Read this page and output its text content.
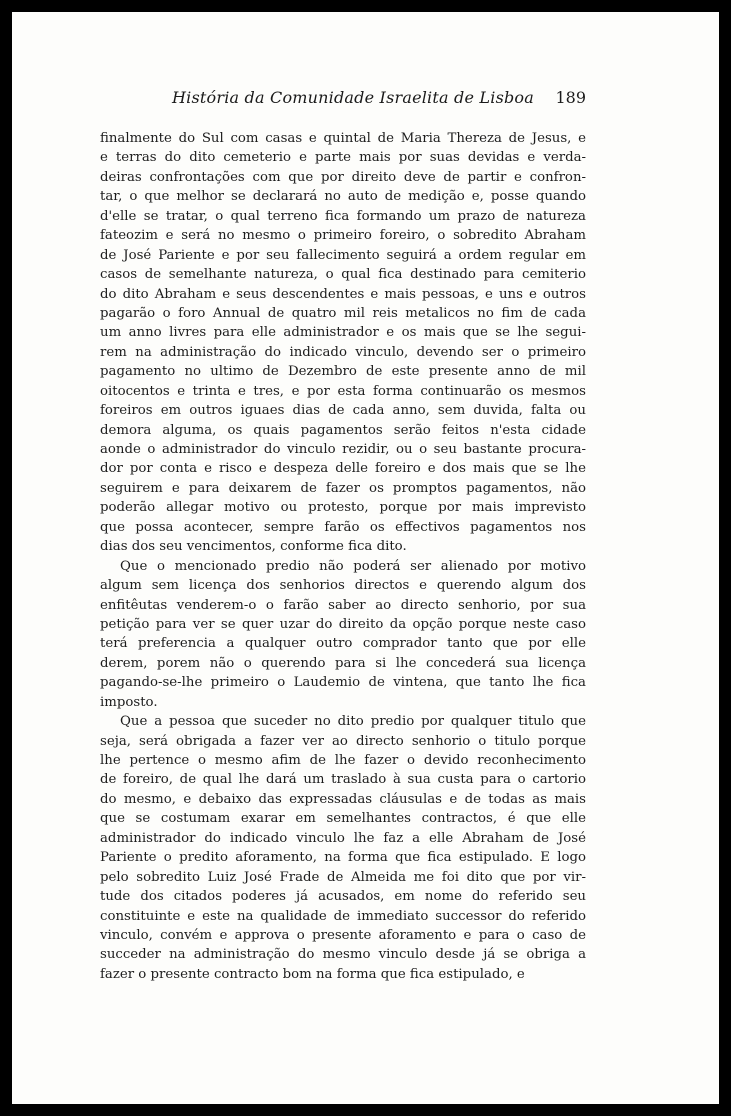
História da Comunidade Israelita de Lisboa 189
finalmente do Sul com casas e quintal de Maria Thereza de Jesus, e
e terras do dito cemeterio e parte mais por suas devidas e verda-
deiras confrontações com que por direito deve de partir e confron-
tar, o que melhor se declarará no auto de medição e, posse quando
d'elle se tratar, o qual terreno fica formando um prazo de natureza
fateozim e será no mesmo o primeiro foreiro, o sobredito Abraham
de José Pariente e por seu fallecimento seguirá a ordem regular em
casos de semelhante natureza, o qual fica destinado para cemiterio
do dito Abraham e seus descendentes e mais pessoas, e uns e outros
pagarão o foro Annual de quatro mil reis metalicos no fim de cada
um anno livres para elle administrador e os mais que se lhe segui-
rem na administração do indicado vinculo, devendo ser o primeiro
pagamento no ultimo de Dezembro de este presente anno de mil
oitocentos e trinta e tres, e por esta forma continuarão os mesmos
foreiros em outros iguaes dias de cada anno, sem duvida, falta ou
demora alguma, os quais pagamentos serão feitos n'esta cidade
aonde o administrador do vinculo rezidir, ou o seu bastante procura-
dor por conta e risco e despeza delle foreiro e dos mais que se lhe
seguirem e para deixarem de fazer os promptos pagamentos, não
poderão allegar motivo ou protesto, porque por mais imprevisto
que possa acontecer, sempre farão os effectivos pagamentos nos
dias dos seu vencimentos, conforme fica dito.
Que o mencionado predio não poderá ser alienado por motivo
algum sem licença dos senhorios directos e querendo algum dos
enfitêutas venderem-o o farão saber ao directo senhorio, por sua
petição para ver se quer uzar do direito da opção porque neste caso
terá preferencia a qualquer outro comprador tanto que por elle
derem, porem não o querendo para si lhe concederá sua licença
pagando-se-lhe primeiro o Laudemio de vintena, que tanto lhe fica
imposto.
Que a pessoa que suceder no dito predio por qualquer titulo que
seja, será obrigada a fazer ver ao directo senhorio o titulo porque
lhe pertence o mesmo afim de lhe fazer o devido reconhecimento
de foreiro, de qual lhe dará um traslado à sua custa para o cartorio
do mesmo, e debaixo das expressadas cláusulas e de todas as mais
que se costumam exarar em semelhantes contractos, é que elle
administrador do indicado vinculo lhe faz a elle Abraham de José
Pariente o predito aforamento, na forma que fica estipulado. E logo
pelo sobredito Luiz José Frade de Almeida me foi dito que por vir-
tude dos citados poderes já acusados, em nome do referido seu
constituinte e este na qualidade de immediato successor do referido
vinculo, convém e approva o presente aforamento e para o caso de
succeder na administração do mesmo vinculo desde já se obriga a
fazer o presente contracto bom na forma que fica estipulado, e
